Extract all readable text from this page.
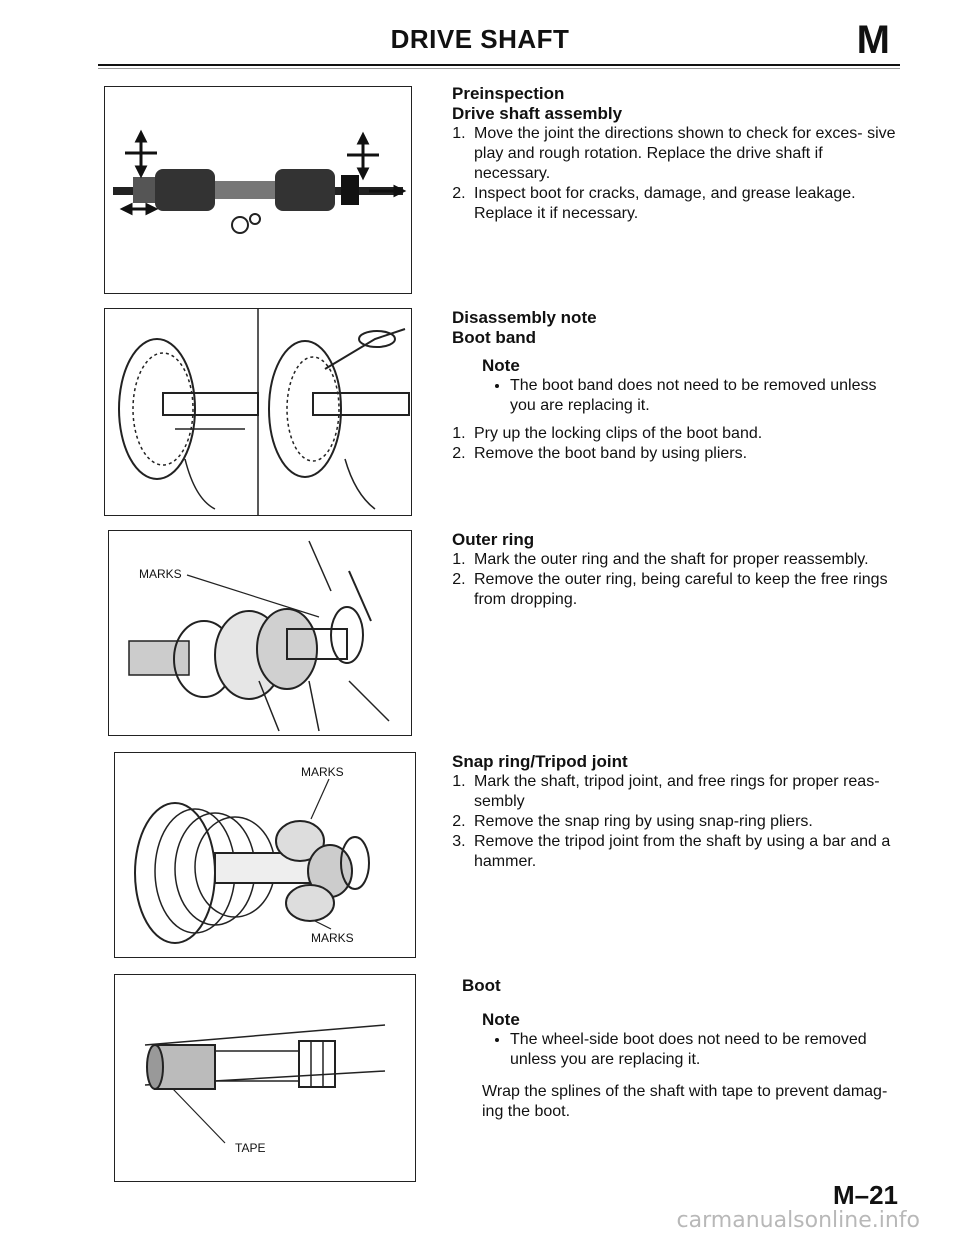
DRIVE SHAFT	M
MARKS
MARKS
MARKS
TAPE
Preinspection
Drive shaft assembly
1. Move the joint the directions shown to check for exces- sive play and rough rotation. Replace the drive shaft if necessary.
2. Inspect boot for cracks, damage, and grease leakage. Replace it if necessary.
Disassembly note
Boot band
Note
• The boot band does not need to be removed unless you are replacing it.
1. Pry up the locking clips of the boot band.
2. Remove the boot band by using pliers.
Outer ring
1. Mark the outer ring and the shaft for proper reassembly.
2. Remove the outer ring, being careful to keep the free rings from dropping.
Snap ring/Tripod joint
1. Mark the shaft, tripod joint, and free rings for proper reas- sembly
2. Remove the snap ring by using snap-ring pliers.
3. Remove the tripod joint from the shaft by using a bar and a hammer.
Boot
Note
• The wheel-side boot does not need to be removed unless you are replacing it.
Wrap the splines of the shaft with tape to prevent damag- ing the boot.
M–21
carmanualsonline.info
